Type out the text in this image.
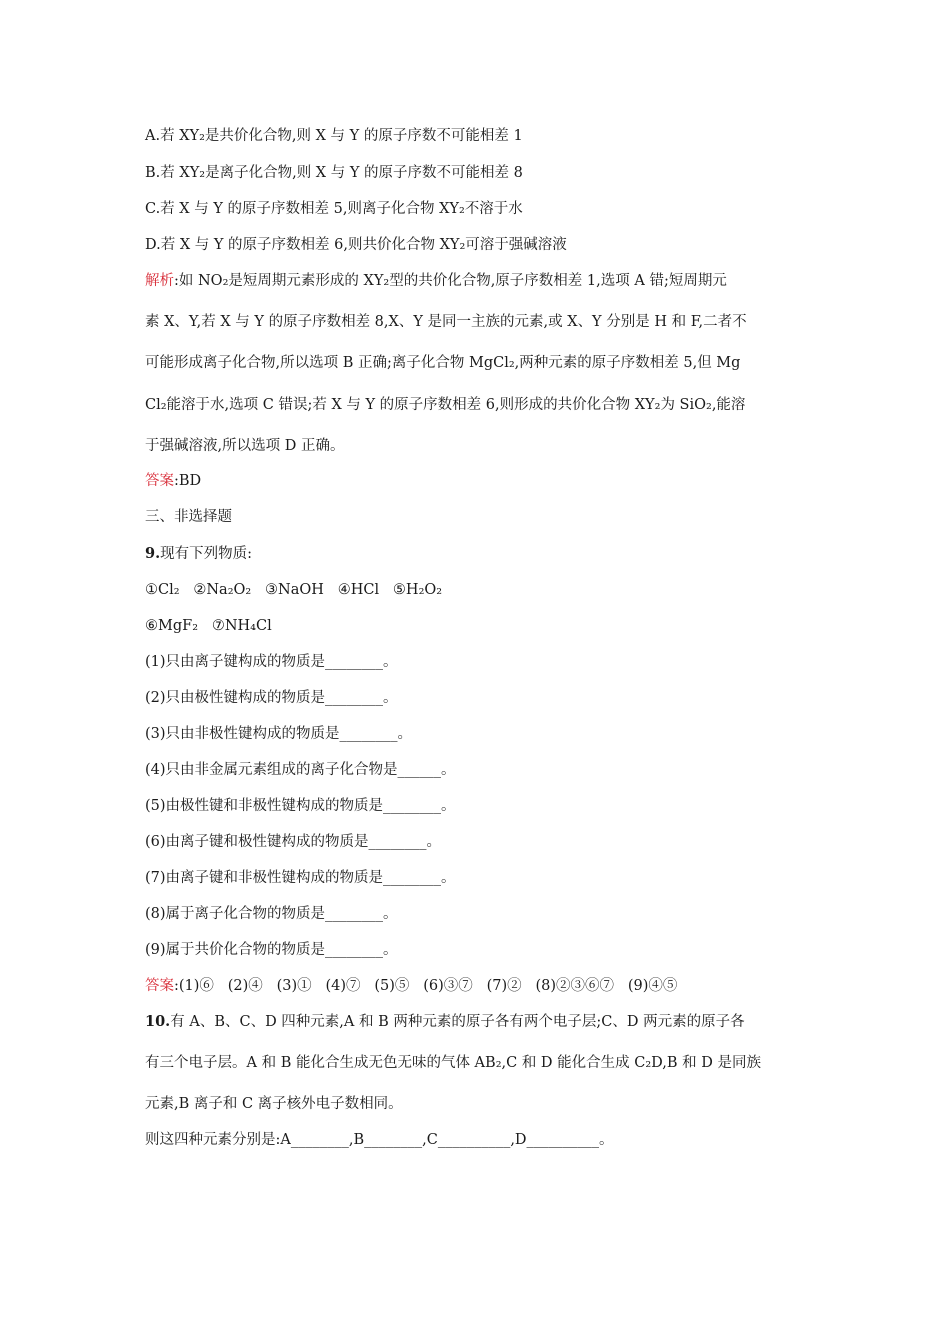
A.若 XY₂是共价化合物,则 X 与 Y 的原子序数不可能相差 1
B.若 XY₂是离子化合物,则 X 与 Y 的原子序数不可能相差 8
C.若 X 与 Y 的原子序数相差 5,则离子化合物 XY₂不溶于水
D.若 X 与 Y 的原子序数相差 6,则共价化合物 XY₂可溶于强碱溶液
解析:如 NO₂是短周期元素形成的 XY₂型的共价化合物,原子序数相差 1,选项 A 错;短周期元
素 X、Y,若 X 与 Y 的原子序数相差 8,X、Y 是同一主族的元素,或 X、Y 分别是 H 和 F,二者不
可能形成离子化合物,所以选项 B 正确;离子化合物 MgCl₂,两种元素的原子序数相差 5,但 Mg
Cl₂能溶于水,选项 C 错误;若 X 与 Y 的原子序数相差 6,则形成的共价化合物 XY₂为 SiO₂,能溶
于强碱溶液,所以选项 D 正确。
答案:BD
三、非选择题
9.现有下列物质:
①Cl₂   ②Na₂O₂   ③NaOH   ④HCl   ⑤H₂O₂
⑥MgF₂   ⑦NH₄Cl
(1)只由离子键构成的物质是________。
(2)只由极性键构成的物质是________。
(3)只由非极性键构成的物质是________。
(4)只由非金属元素组成的离子化合物是______。
(5)由极性键和非极性键构成的物质是________。
(6)由离子键和极性键构成的物质是________。
(7)由离子键和非极性键构成的物质是________。
(8)属于离子化合物的物质是________。
(9)属于共价化合物的物质是________。
答案:(1)⑥   (2)④   (3)①   (4)⑦   (5)⑤   (6)③⑦   (7)②   (8)②③⑥⑦   (9)④⑤
10.有 A、B、C、D 四种元素,A 和 B 两种元素的原子各有两个电子层;C、D 两元素的原子各
有三个电子层。A 和 B 能化合生成无色无味的气体 AB₂,C 和 D 能化合生成 C₂D,B 和 D 是同族
元素,B 离子和 C 离子核外电子数相同。
则这四种元素分别是:A________,B________,C__________,D__________。
